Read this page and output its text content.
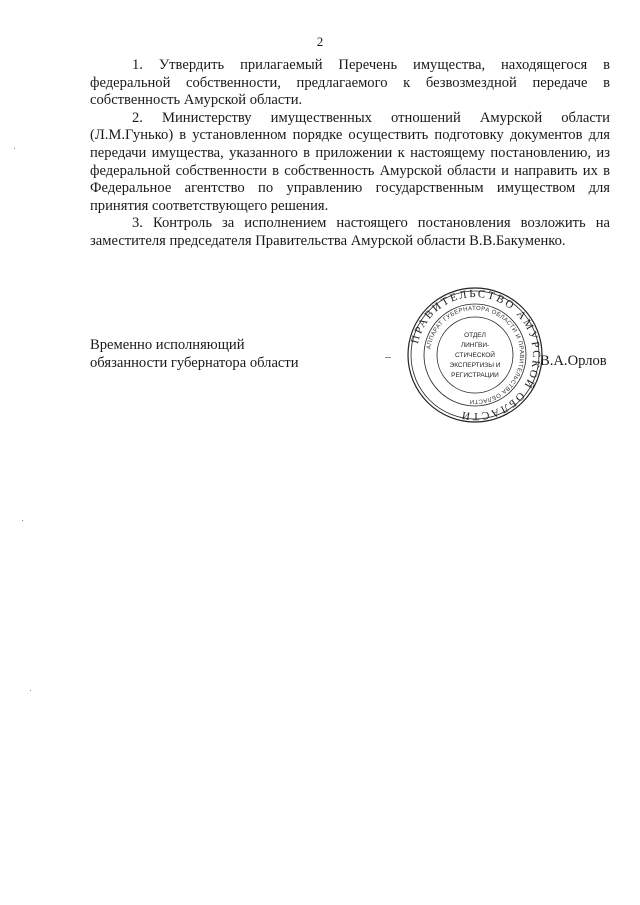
2

1. Утвердить прилагаемый Перечень имущества, находящегося в федеральной собственности, предлагаемого к безвозмездной передаче в собственность Амурской области.

2. Министерству имущественных отношений Амурской области (Л.М.Гунько) в установленном порядке осуществить подготовку документов для передачи имущества, указанного в приложении к настоящему постановлению, из федеральной собственности в собственность Амурской области и направить их в Федеральное агентство по управлению государственным имуществом для принятия соответствующего решения.

3. Контроль за исполнением настоящего постановления возложить на заместителя председателя Правительства Амурской области В.В.Бакуменко.

Временно исполняющий
обязанности губернатора области	В.А.Орлов
ПРАВИТЕЛЬСТВО АМУРСКОЙ ОБЛАСТИ
АППАРАТ ГУБЕРНАТОРА ОБЛАСТИ И ПРАВИТЕЛЬСТВА ОБЛАСТИ
ОТДЕЛ
ЛИНГВИ-
СТИЧЕСКОЙ
ЭКСПЕРТИЗЫ И
РЕГИСТРАЦИИ
